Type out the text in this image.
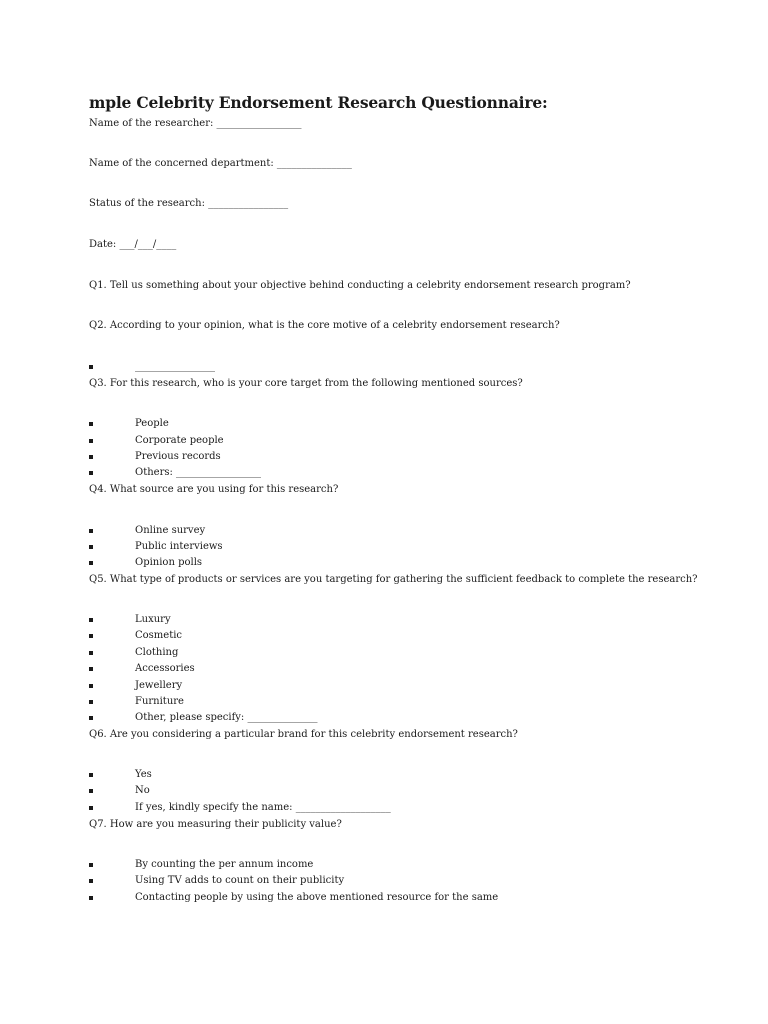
mple Celebrity Endorsement Research Questionnaire:
Name of the researcher: _________________
Name of the concerned department: _______________
Status of the research: ________________
Date: ___/___/____
Q1. Tell us something about your objective behind conducting a celebrity endorsement research program?
Q2. According to your opinion, what is the core motive of a celebrity endorsement research?
________________
Q3. For this research, who is your core target from the following mentioned sources?
People
Corporate people
Previous records
Others: _________________
Q4. What source are you using for this research?
Online survey
Public interviews
Opinion polls
Q5. What type of products or services are you targeting for gathering the sufficient feedback to complete the research?
Luxury
Cosmetic
Clothing
Accessories
Jewellery
Furniture
Other, please specify: ______________
Q6. Are you considering a particular brand for this celebrity endorsement research?
Yes
No
If yes, kindly specify the name: ___________________
Q7. How are you measuring their publicity value?
By counting the per annum income
Using TV adds to count on their publicity
Contacting people by using the above mentioned resource for the same
